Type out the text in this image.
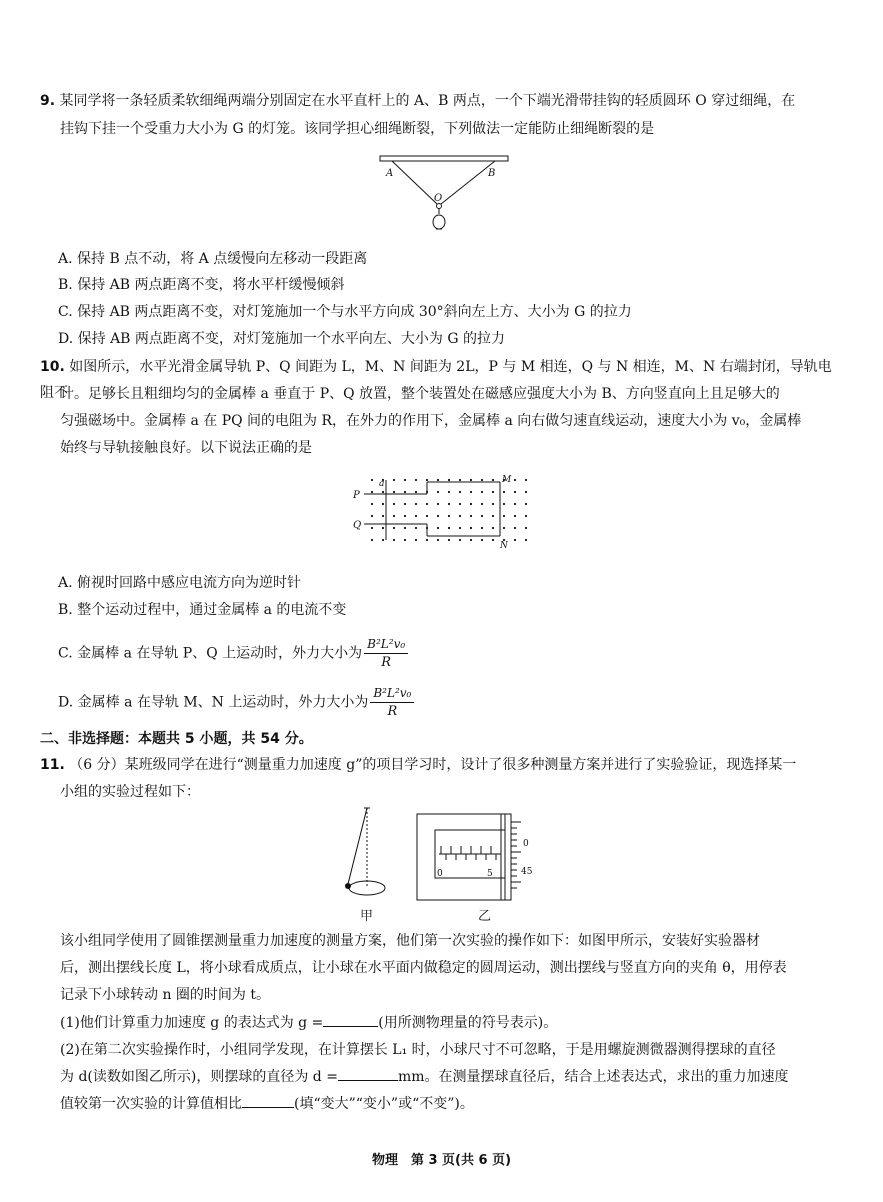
9. 某同学将一条轻质柔软细绳两端分别固定在水平直杆上的 A、B 两点，一个下端光滑带挂钩的轻质圆环 O 穿过细绳，在
挂钩下挂一个受重力大小为 G 的灯笼。该同学担心细绳断裂，下列做法一定能防止细绳断裂的是
A	B
O
A. 保持 B 点不动，将 A 点缓慢向左移动一段距离
B. 保持 AB 两点距离不变，将水平杆缓慢倾斜
C. 保持 AB 两点距离不变，对灯笼施加一个与水平方向成 30°斜向左上方、大小为 G 的拉力
D. 保持 AB 两点距离不变，对灯笼施加一个水平向左、大小为 G 的拉力
10. 如图所示，水平光滑金属导轨 P、Q 间距为 L，M、N 间距为 2L，P 与 M 相连，Q 与 N 相连，M、N 右端封闭，导轨电阻不
计。足够长且粗细均匀的金属棒 a 垂直于 P、Q 放置，整个装置处在磁感应强度大小为 B、方向竖直向上且足够大的
匀强磁场中。金属棒 a 在 PQ 间的电阻为 R，在外力的作用下，金属棒 a 向右做匀速直线运动，速度大小为 v₀，金属棒
始终与导轨接触良好。以下说法正确的是
a
P
Q
M
N
A. 俯视时回路中感应电流方向为逆时针
B. 整个运动过程中，通过金属棒 a 的电流不变
C. 金属棒 a 在导轨 P、Q 上运动时，外力大小为 $\frac{\text{B²L²v₀}}{R}$
D. 金属棒 a 在导轨 M、N 上运动时，外力大小为 $\frac{\text{B²L²v₀}}{R}$
二、非选择题：本题共 5 小题，共 54 分。
11. （6 分）某班级同学在进行“测量重力加速度 g”的项目学习时，设计了很多种测量方案并进行了实验验证，现选择某一
小组的实验过程如下：
甲
0	5
0
45
乙
该小组同学使用了圆锥摆测量重力加速度的测量方案，他们第一次实验的操作如下：如图甲所示，安装好实验器材
后，测出摆线长度 L，将小球看成质点，让小球在水平面内做稳定的圆周运动，测出摆线与竖直方向的夹角 θ，用停表
记录下小球转动 n 圈的时间为 t。
(1)他们计算重力加速度 g 的表达式为 g =	(用所测物理量的符号表示)。
(2)在第二次实验操作时，小组同学发现，在计算摆长 L₁ 时，小球尺寸不可忽略，于是用螺旋测微器测得摆球的直径
为 d(读数如图乙所示)，则摆球的直径为 d =	mm。在测量摆球直径后，结合上述表达式，求出的重力加速度
值较第一次实验的计算值相比	(填“变大”“变小”或“不变”)。
物理　第 3 页(共 6 页)
